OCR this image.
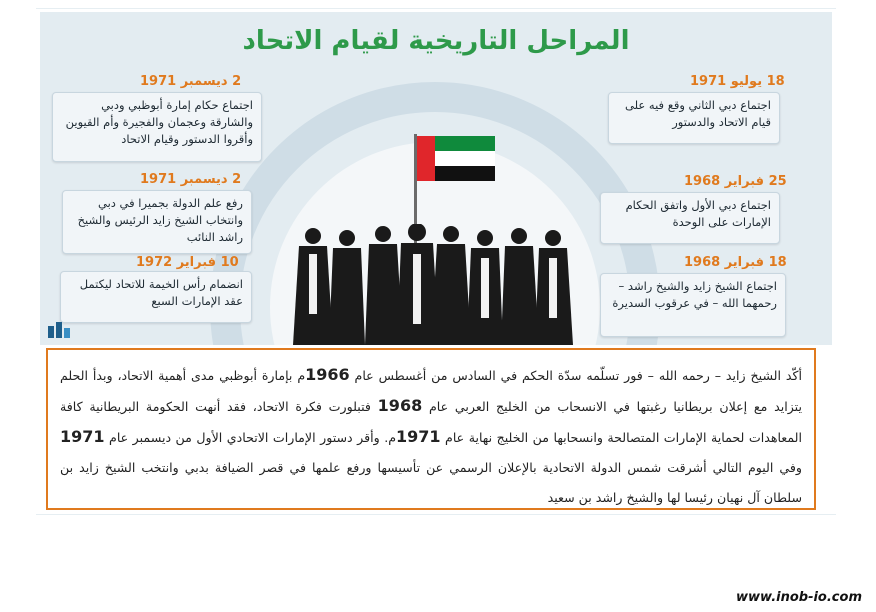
المراحل التاريخية لقيام الاتحاد
2 ديسمبر 1971
اجتماع حكام إمارة أبوظبي ودبي والشارقة وعجمان والفجيرة وأم القيوين وأقروا الدستور وقيام الاتحاد
2 ديسمبر 1971
رفع علم الدولة بجميرا في دبي وانتخاب الشيخ زايد الرئيس والشيخ راشد النائب
10 فبراير 1972
انضمام رأس الخيمة للاتحاد ليكتمل عقد الإمارات السبع
18 يوليو 1971
اجتماع دبي الثاني وقع فيه على قيام الاتحاد والدستور
25 فبراير 1968
اجتماع دبي الأول واتفق الحكام الإمارات على الوحدة
18 فبراير 1968
اجتماع الشيخ زايد والشيخ راشد – رحمهما الله – في عرقوب السديرة
أكّد الشيخ زايد – رحمه الله – فور تسلّمه سدّة الحكم في السادس من أغسطس عام 1966م بإمارة أبوظبي مدى أهمية الاتحاد، وبدأ الحلم يتزايد مع إعلان بريطانيا رغبتها في الانسحاب من الخليج العربي عام 1968 فتبلورت فكرة الاتحاد، فقد أنهت الحكومة البريطانية كافة المعاهدات لحماية الإمارات المتصالحة وانسحابها من الخليج نهاية عام 1971م. وأقر دستور الإمارات الاتحادي الأول من ديسمبر عام 1971 وفي اليوم التالي أشرقت شمس الدولة الاتحادية بالإعلان الرسمي عن تأسيسها ورفع علمها في قصر الضيافة بدبي وانتخب الشيخ زايد بن سلطان آل نهيان رئيسا لها والشيخ راشد بن سعيد
www.inob-io.com
